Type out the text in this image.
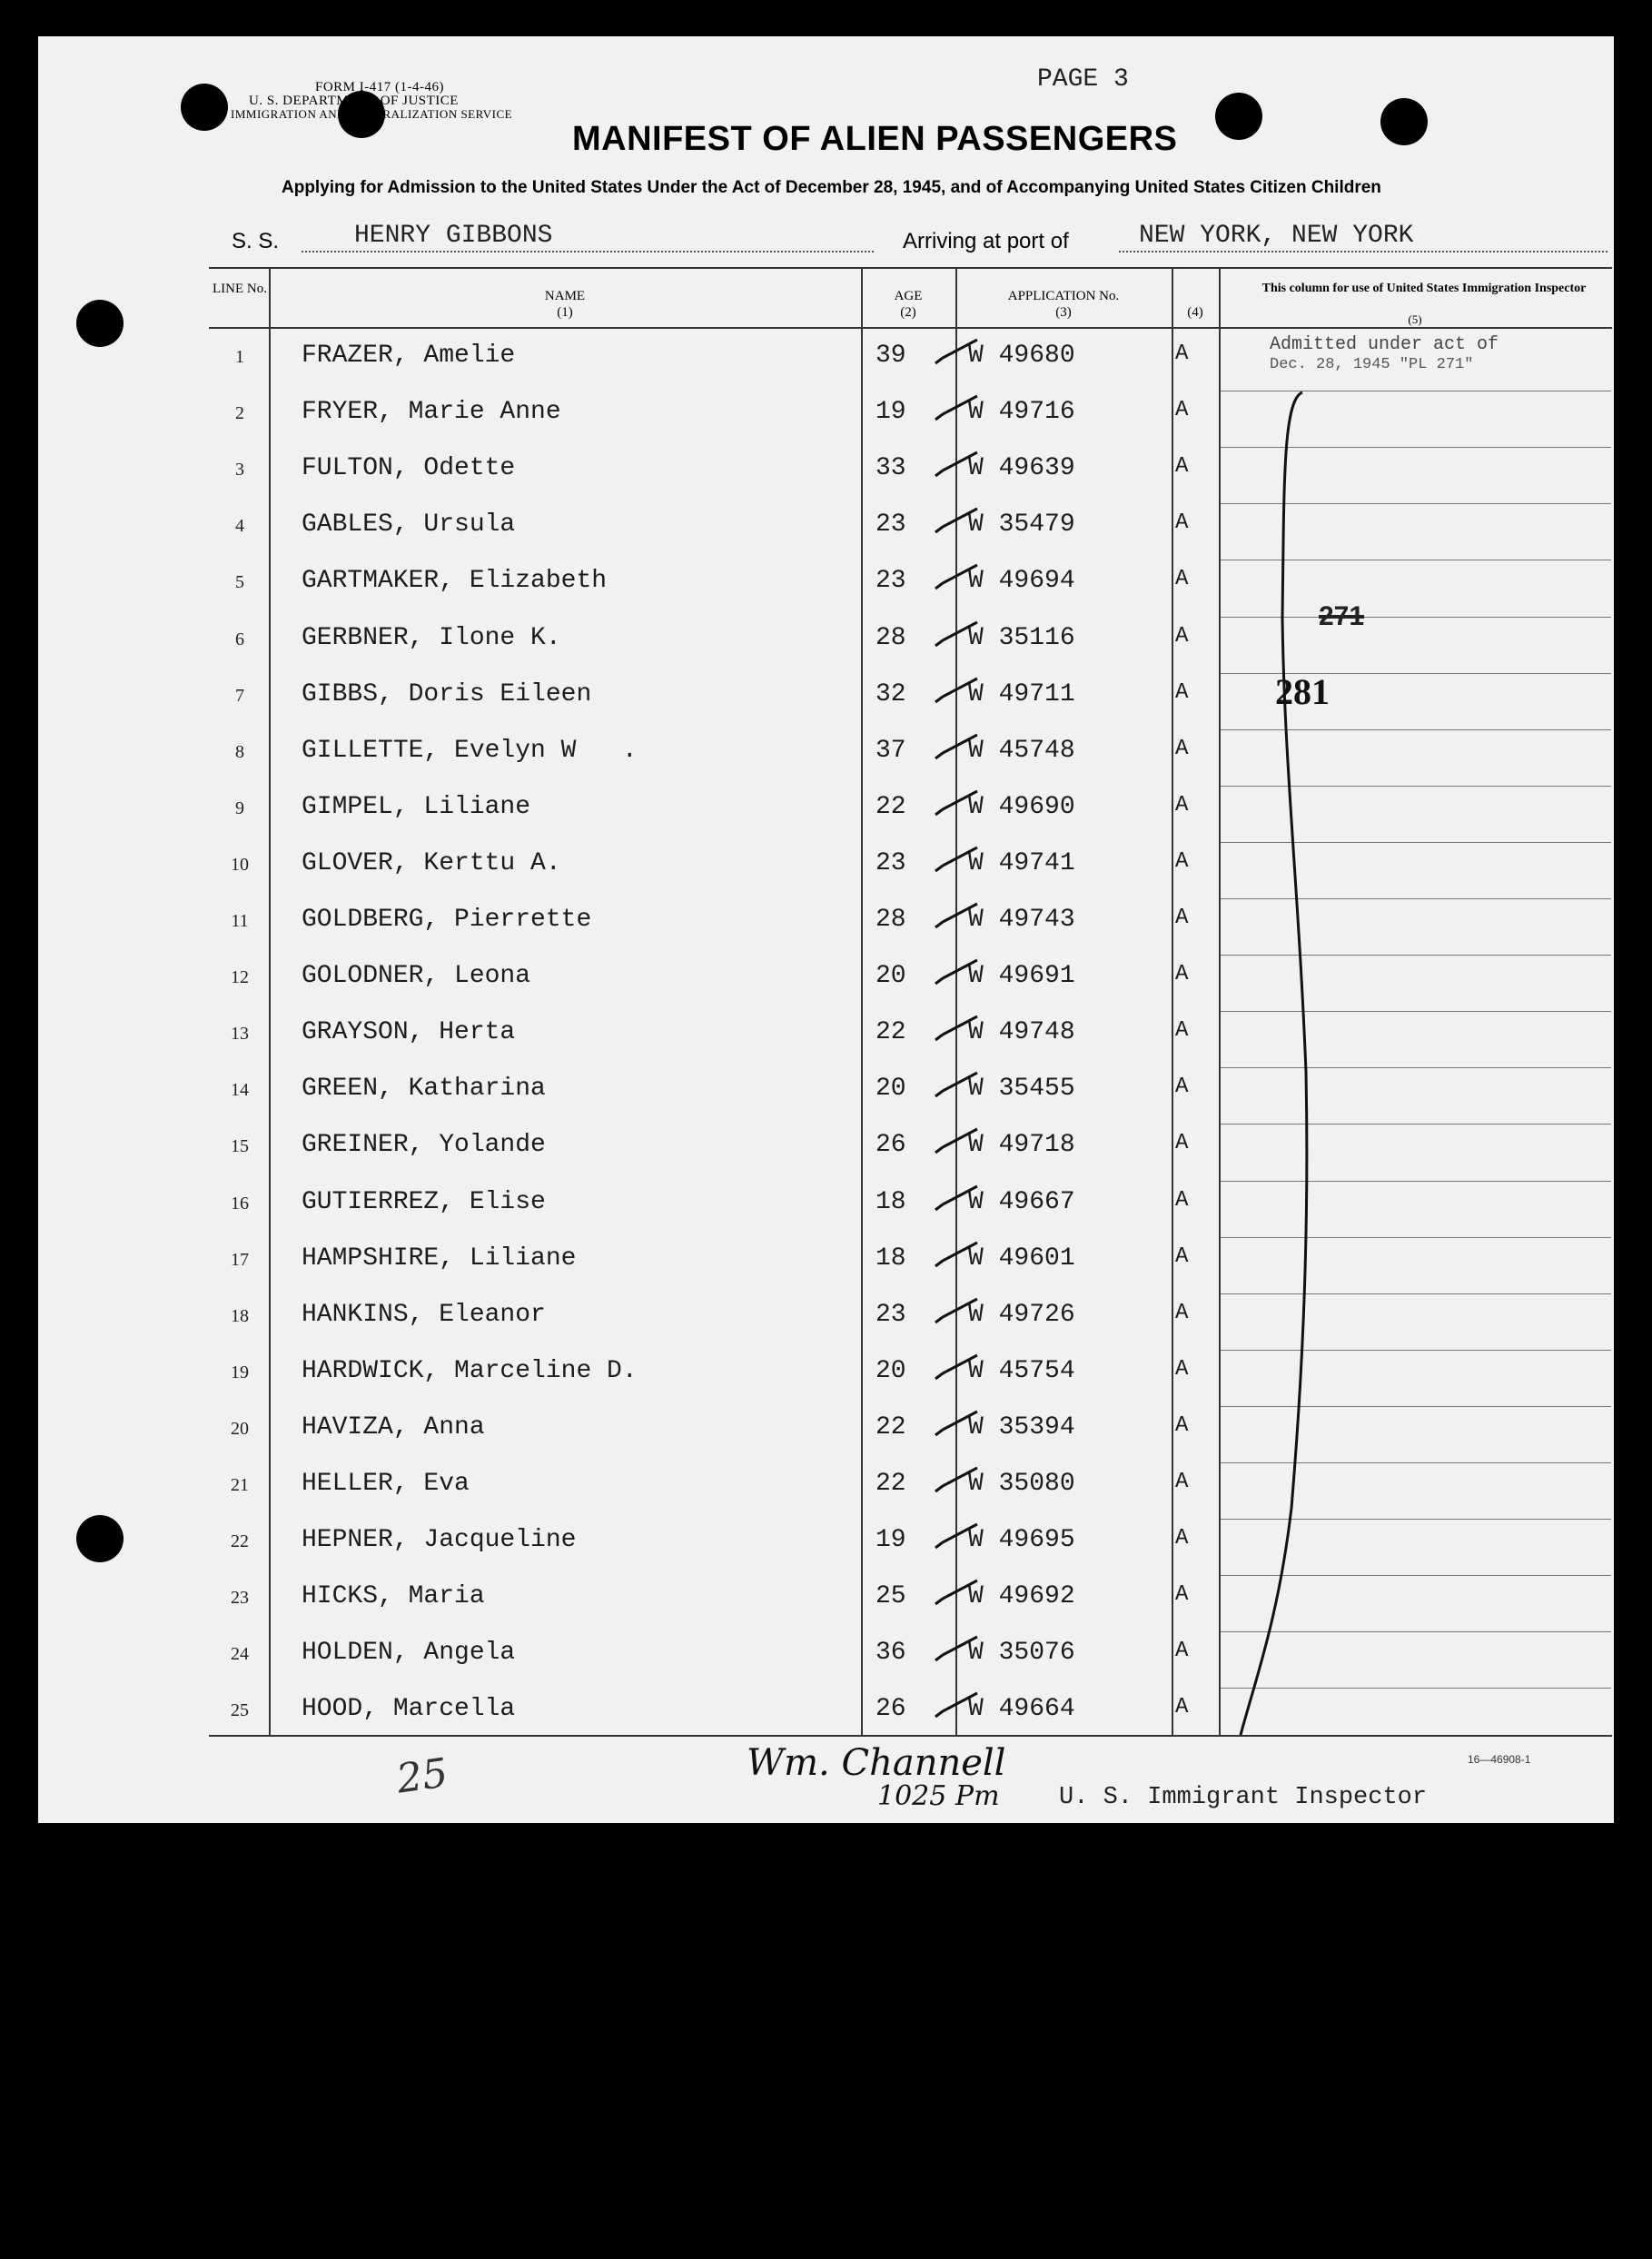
FORM I-417 (1-4-46)
U. S. DEPARTMENT OF JUSTICE
IMMIGRATION AND NATURALIZATION SERVICE
PAGE 3
MANIFEST OF ALIEN PASSENGERS
Applying for Admission to the United States Under the Act of December 28, 1945, and of Accompanying United States Citizen Children
S. S.	HENRY GIBBONS	Arriving at port of	NEW YORK, NEW YORK
LINE No.	NAME
(1)
AGE
(2)
APPLICATION No.
(3)	(4)
This column for use of United States Immigration Inspector
(5)
1	FRAZER, Amelie	39 W 49680	A
2	FRYER, Marie Anne	19 W 49716	A
3	FULTON, Odette	33 W 49639	A
4	GABLES, Ursula	23 W 35479	A
5	GARTMAKER, Elizabeth	23 W 49694	A
6	GERBNER, Ilone K.	28 W 35116	A
7	GIBBS, Doris Eileen	32 W 49711	A
8	GILLETTE, Evelyn W   .	37 W 45748	A
9	GIMPEL, Liliane	22 W 49690	A
10	GLOVER, Kerttu A.	23 W 49741	A
11	GOLDBERG, Pierrette	28 W 49743	A
12	GOLODNER, Leona	20 W 49691	A
13	GRAYSON, Herta	22 W 49748	A
14	GREEN, Katharina	20 W 35455	A
15	GREINER, Yolande	26 W 49718	A
16	GUTIERREZ, Elise	18 W 49667	A
17	HAMPSHIRE, Liliane	18 W 49601	A
18	HANKINS, Eleanor	23 W 49726	A
19	HARDWICK, Marceline D.	20 W 45754	A
20	HAVIZA, Anna	22 W 35394	A
21	HELLER, Eva	22 W 35080	A
22	HEPNER, Jacqueline	19 W 49695	A
23	HICKS, Maria	25 W 49692	A
24	HOLDEN, Angela	36 W 35076	A
25	HOOD, Marcella	26 W 49664	A
Admitted under act of
Dec. 28, 1945 "PL 271"
271
281
25	Wm. Channell
1025 Pm U. S. Immigrant Inspector
16—46908-1
